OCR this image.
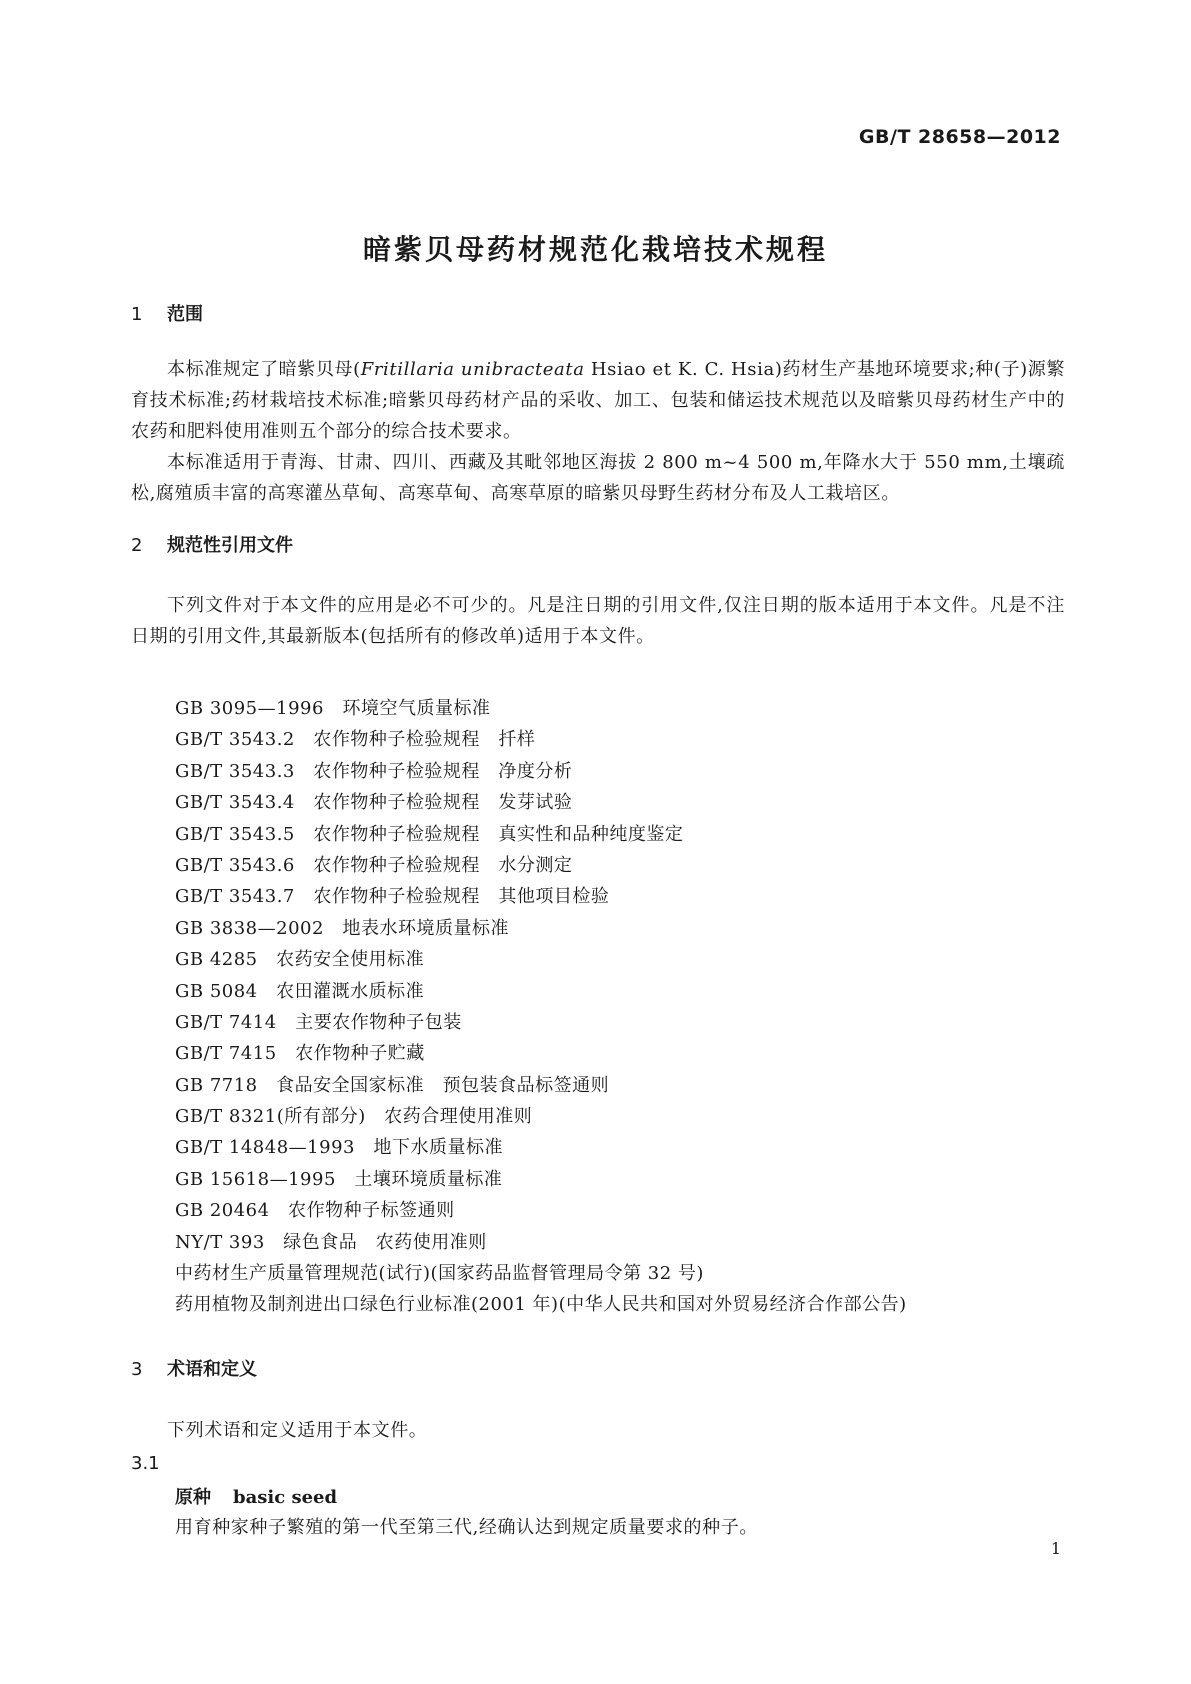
GB/T 28658—2012
暗紫贝母药材规范化栽培技术规程
1 范围
本标准规定了暗紫贝母(Fritillaria unibracteata Hsiao et K. C. Hsia)药材生产基地环境要求;种(子)源繁育技术标准;药材栽培技术标准;暗紫贝母药材产品的采收、加工、包装和储运技术规范以及暗紫贝母药材生产中的农药和肥料使用准则五个部分的综合技术要求。
本标准适用于青海、甘肃、四川、西藏及其毗邻地区海拔 2 800 m~4 500 m,年降水大于 550 mm,土壤疏松,腐殖质丰富的高寒灌丛草甸、高寒草甸、高寒草原的暗紫贝母野生药材分布及人工栽培区。
2 规范性引用文件
下列文件对于本文件的应用是必不可少的。凡是注日期的引用文件,仅注日期的版本适用于本文件。凡是不注日期的引用文件,其最新版本(包括所有的修改单)适用于本文件。
GB 3095—1996　环境空气质量标准
GB/T 3543.2　农作物种子检验规程　扦样
GB/T 3543.3　农作物种子检验规程　净度分析
GB/T 3543.4　农作物种子检验规程　发芽试验
GB/T 3543.5　农作物种子检验规程　真实性和品种纯度鉴定
GB/T 3543.6　农作物种子检验规程　水分测定
GB/T 3543.7　农作物种子检验规程　其他项目检验
GB 3838—2002　地表水环境质量标准
GB 4285　农药安全使用标准
GB 5084　农田灌溉水质标准
GB/T 7414　主要农作物种子包装
GB/T 7415　农作物种子贮藏
GB 7718　食品安全国家标准　预包装食品标签通则
GB/T 8321(所有部分)　农药合理使用准则
GB/T 14848—1993　地下水质量标准
GB 15618—1995　土壤环境质量标准
GB 20464　农作物种子标签通则
NY/T 393　绿色食品　农药使用准则
中药材生产质量管理规范(试行)(国家药品监督管理局令第 32 号)
药用植物及制剂进出口绿色行业标准(2001 年)(中华人民共和国对外贸易经济合作部公告)
3 术语和定义
下列术语和定义适用于本文件。
3.1
原种 basic seed
用育种家种子繁殖的第一代至第三代,经确认达到规定质量要求的种子。
1
